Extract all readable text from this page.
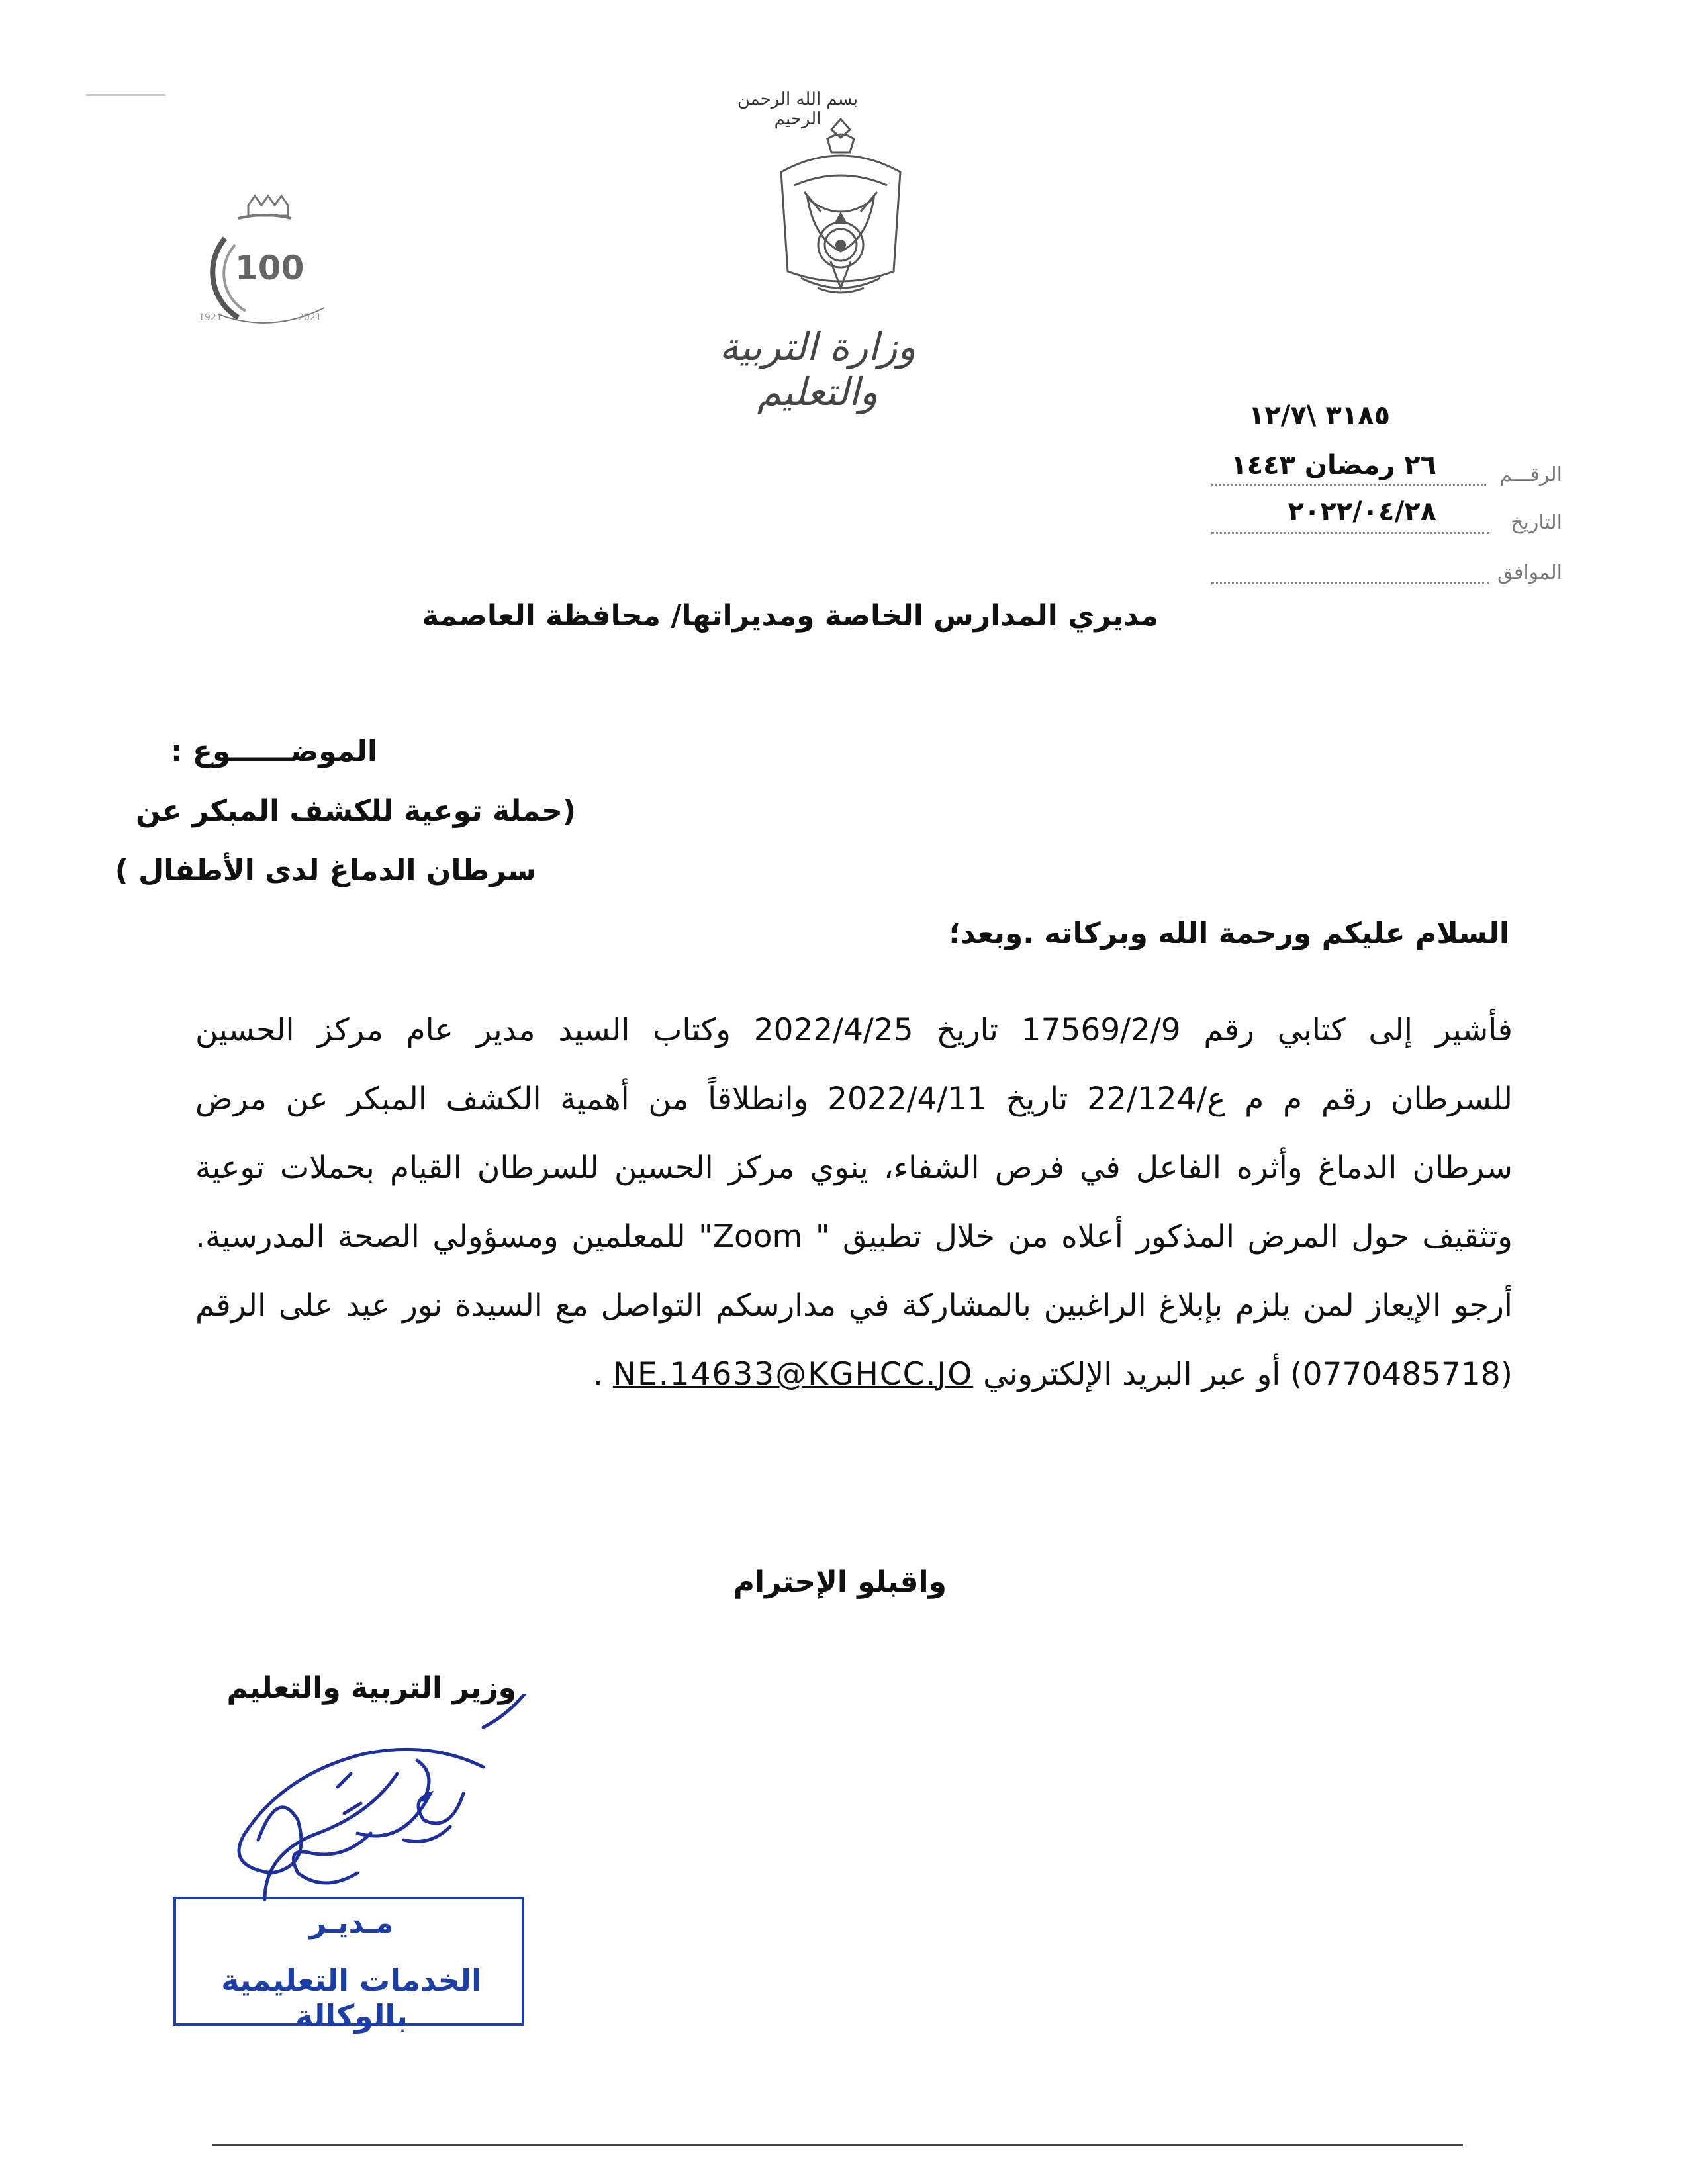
بسم الله الرحمن الرحيم
وزارة التربية والتعليم
100
1921	2021
٣١٨٥ \١٢/٧
الرقـــم
٢٦ رمضان ١٤٤٣
التاريخ
٢٠٢٢/٠٤/٢٨
الموافق
مديري المدارس الخاصة ومديراتها/ محافظة العاصمة
الموضــــــوع :
(حملة توعية للكشف المبكر عن
سرطان الدماغ لدى الأطفال )
السلام عليكم ورحمة الله وبركاته .وبعد؛
فأشير إلى كتابي رقم 17569/2/9 تاريخ 2022/4/25 وكتاب السيد مدير عام مركز الحسين
للسرطان رقم م م ع/22/124 تاريخ 2022/4/11 وانطلاقاً من أهمية الكشف المبكر عن مرض
سرطان الدماغ وأثره الفاعل في فرص الشفاء، ينوي مركز الحسين للسرطان القيام بحملات توعية
وتثقيف حول المرض المذكور أعلاه من خلال تطبيق " Zoom" للمعلمين ومسؤولي الصحة المدرسية.
أرجو الإيعاز لمن يلزم بإبلاغ الراغبين بالمشاركة في مدارسكم التواصل مع السيدة نور عيد على الرقم
(0770485718) أو عبر البريد الإلكتروني NE.14633@KGHCC.JO .
واقبلو الإحترام
وزير التربية والتعليم
مـديـر
الخدمات التعليمية بالوكالة
